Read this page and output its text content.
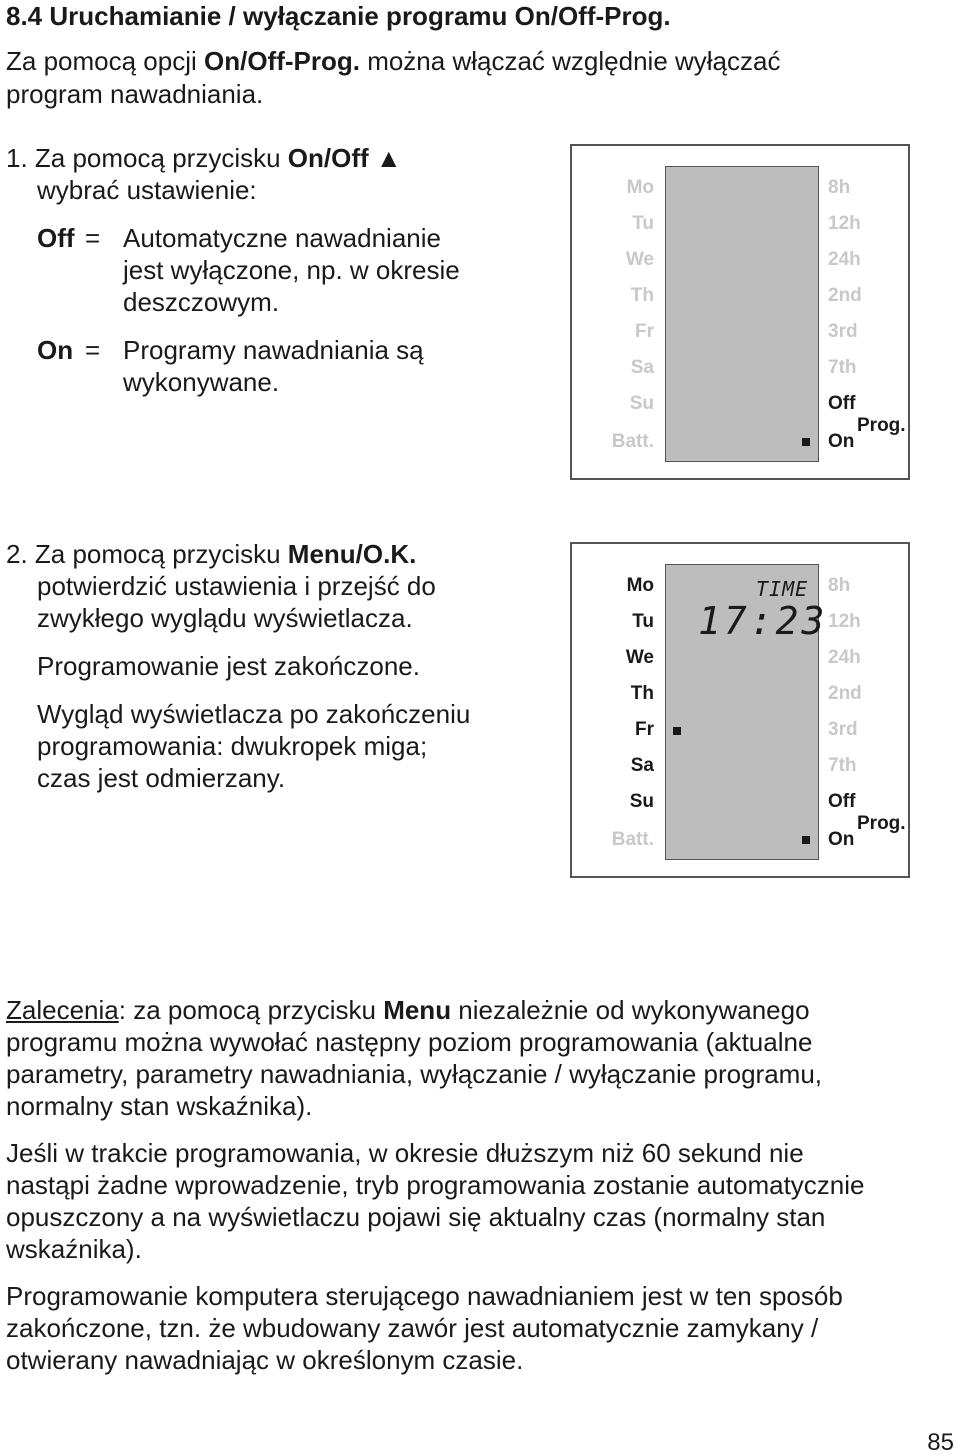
8.4 Uruchamianie / wyłączanie programu On/Off-Prog.
Za pomocą opcji On/Off-Prog. można włączać względnie wyłączać
program nawadniania.
1. Za pomocą przycisku On/Off ▲
wybrać ustawienie:
Off = Automatyczne nawadnianie
jest wyłączone, np. w okresie
deszczowym.
On = Programy nawadniania są
wykonywane.
Mo
Tu
We
Th
Fr
Sa
Su
Batt.
8h
12h
24h
2nd
3rd
7th
Off
On
Prog.
2. Za pomocą przycisku Menu/O.K.
potwierdzić ustawienia i przejść do
zwykłego wyglądu wyświetlacza.
Programowanie jest zakończone.
Wygląd wyświetlacza po zakończeniu
programowania: dwukropek miga;
czas jest odmierzany.
TIME
17:23
Mo
Tu
We
Th
Fr
Sa
Su
Batt.
8h
12h
24h
2nd
3rd
7th
Off
On
Prog.
Zalecenia: za pomocą przycisku Menu niezależnie od wykonywanego
programu można wywołać następny poziom programowania (aktualne
parametry, parametry nawadniania, wyłączanie / wyłączanie programu,
normalny stan wskaźnika).
Jeśli w trakcie programowania, w okresie dłuższym niż 60 sekund nie
nastąpi żadne wprowadzenie, tryb programowania zostanie automatycznie
opuszczony a na wyświetlaczu pojawi się aktualny czas (normalny stan
wskaźnika).
Programowanie komputera sterującego nawadnianiem jest w ten sposób
zakończone, tzn. że wbudowany zawór jest automatycznie zamykany /
otwierany nawadniając w określonym czasie.
85
